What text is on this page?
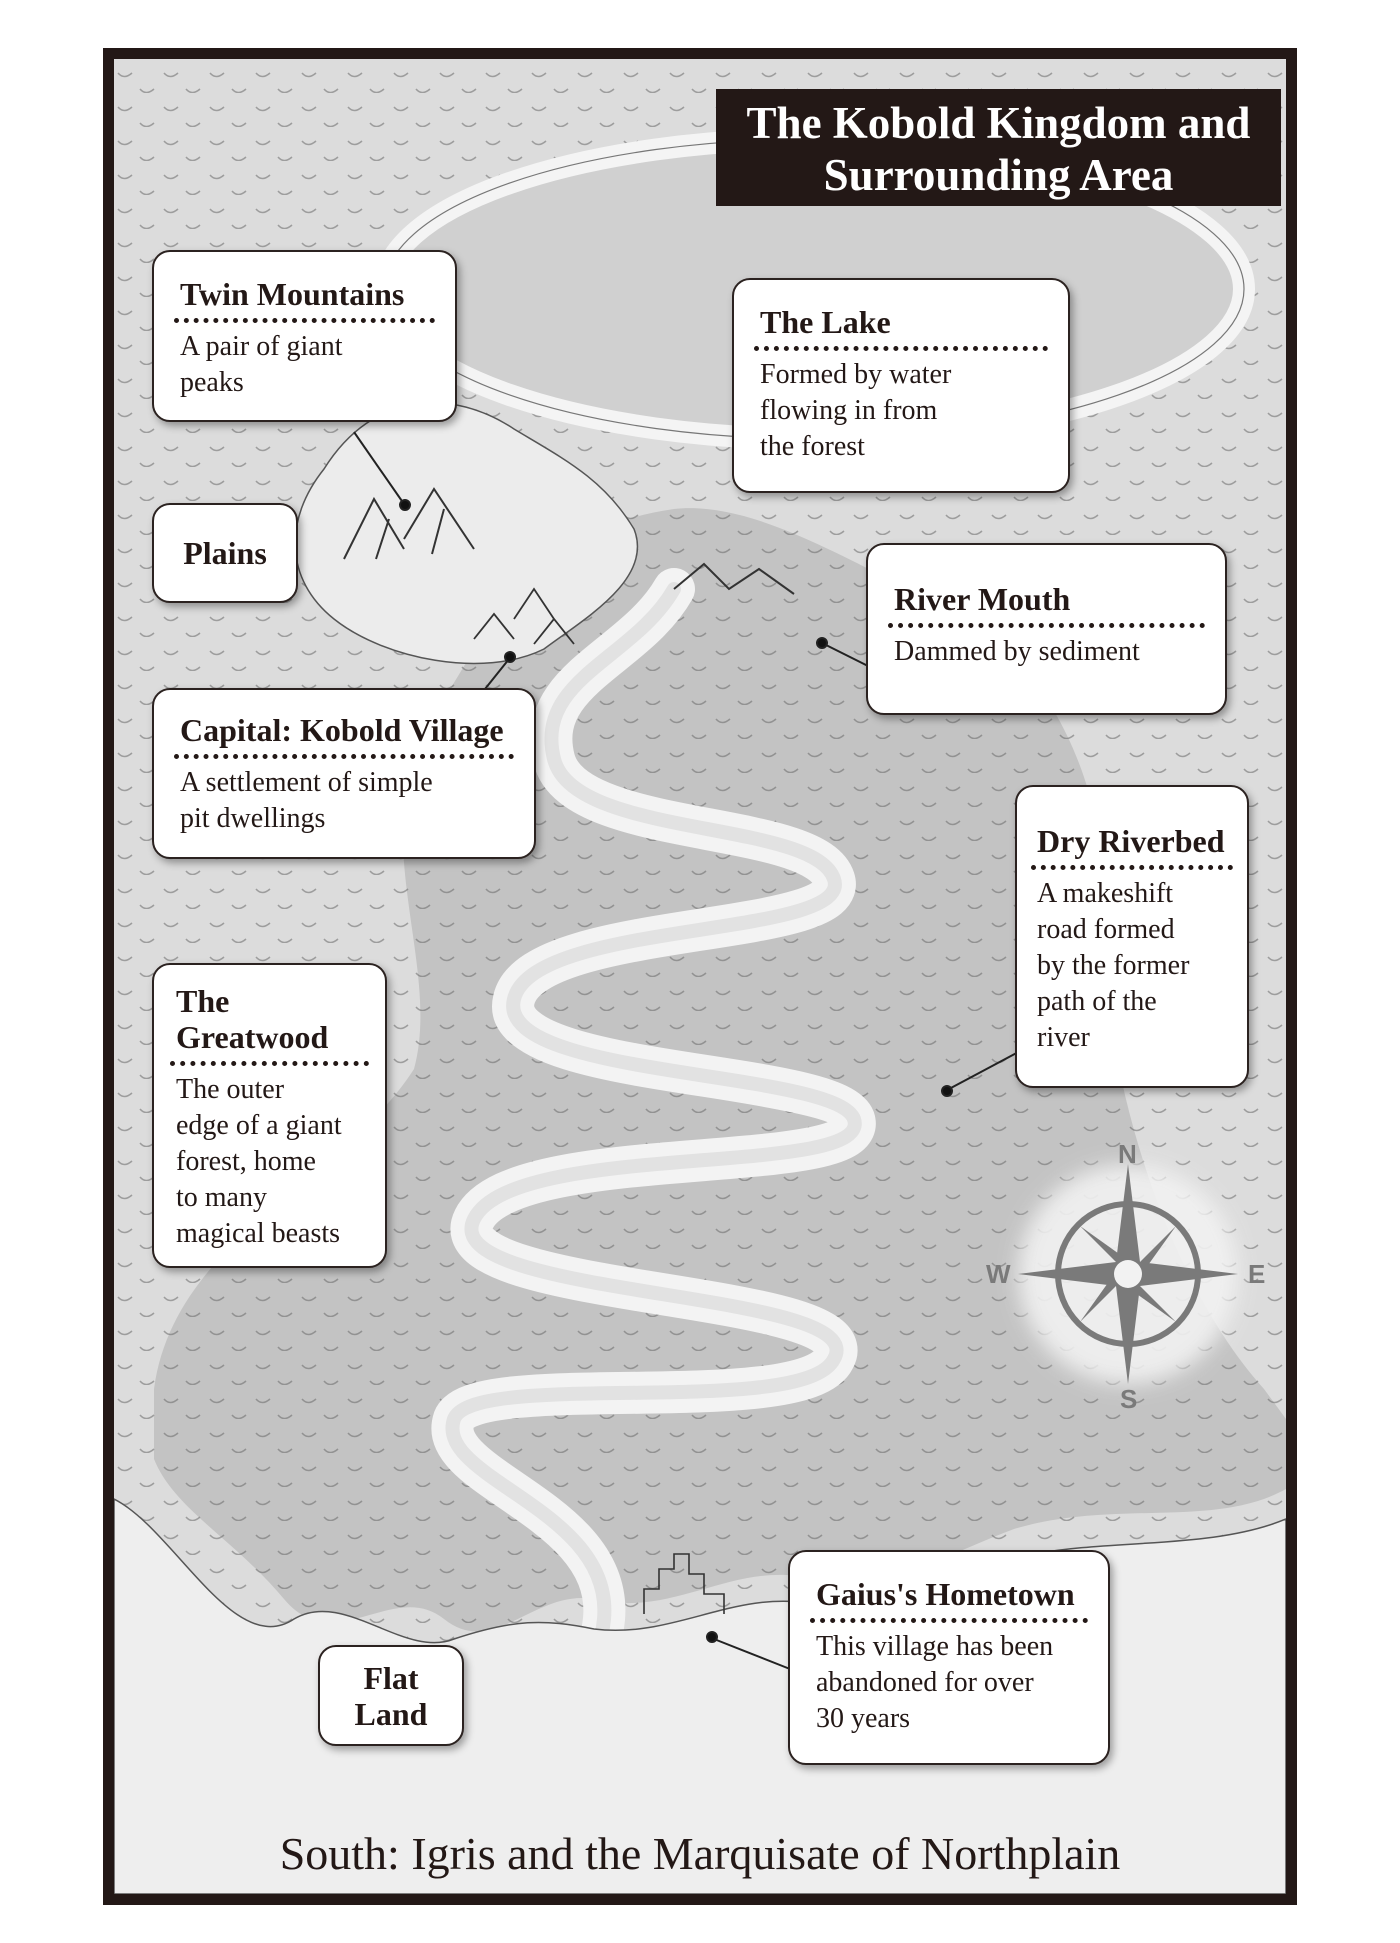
N
S
E
W
The Kobold Kingdom and
Surrounding Area
Twin Mountains
A pair of giant
peaks
The Lake
Formed by water
flowing in from
the forest
Plains
River Mouth
Dammed by sediment
Capital: Kobold Village
A settlement of simple
pit dwellings
Dry Riverbed
A makeshift
road formed
by the former
path of the
river
The
Greatwood
The outer
edge of a giant
forest, home
to many
magical beasts
Gaius's Hometown
This village has been
abandoned for over
30 years
Flat
Land
South: Igris and the Marquisate of Northplain
